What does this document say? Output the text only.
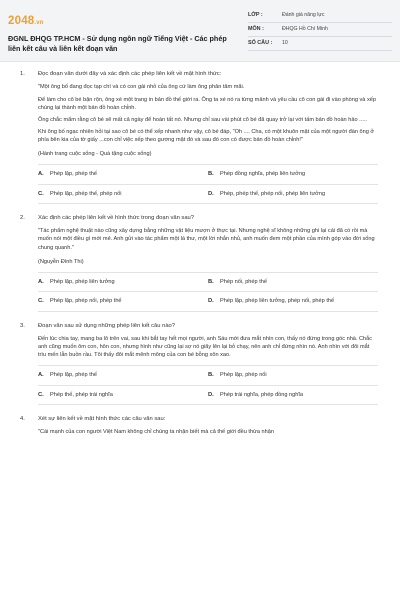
2048.vn
ĐGNL ĐHQG TP.HCM - Sử dụng ngôn ngữ Tiếng Việt - Các phép liên kết câu và liên kết đoạn văn
LỚP :	Đánh giá năng lực
MÔN :	ĐHQG Hồ Chí Minh
SỐ CÂU :	10
1. Đọc đoạn văn dưới đây và xác định các phép liên kết về mặt hình thức:
"Một ông bố đang đọc tạp chí và có con gái nhỏ của ông cứ làm ông phân tâm mãi.
Để làm cho cô bé bận rộn, ông xé một trang in bản đồ thế giới ra. Ông ta xé nó ra từng mảnh và yêu cầu cô con gái đi vào phòng và xếp chúng lại thành một bản đồ hoàn chỉnh.
Ông chắc mẩm rằng cô bé sẽ mất cả ngày để hoàn tất nó. Nhưng chỉ sau vài phút cô bé đã quay trở lại với tấm bản đồ hoàn hảo .....
Khi ông bố ngạc nhiên hỏi tại sao cô bé có thể xếp nhanh như vậy, cô bé đáp, "Oh .... Cha, có một khuôn mặt của một người đàn ông ở phía bên kia của tờ giấy ...con chỉ việc xếp theo gương mặt đó và sau đó con có được bản đồ hoàn chỉnh!"
(Hành trang cuộc sống - Quà tặng cuộc sống)
A.	Phép lặp, phép thế	B.	Phép đồng nghĩa, phép liên tưởng
C.	Phép lặp, phép thế, phép nối	D.	Phép, phép thế, phép nối, phép liên tưởng
2. Xác định các phép liên kết về hình thức trong đoạn văn sau?
"Tác phẩm nghệ thuật nào cũng xây dựng bằng những vật liệu mượn ở thực tại. Nhưng nghệ sĩ không những ghi lại cái đã có rồi mà muốn nói một điều gì mới mẻ. Anh gửi vào tác phẩm một lá thư, một lời nhắn nhủ, anh muốn đem một phần của mình góp vào đời sống chung quanh."
(Nguyễn Đình Thi)
A.	Phép lặp, phép liên tưởng	B.	Phép nối, phép thế
C.	Phép lặp, phép nối, phép thế	D.	Phép lặp, phép liên tưởng, phép nối, phép thế
3. Đoạn văn sau sử dụng những phép liên kết câu nào?
Đến lúc chia tay, mang ba lô trên vai, sau khi bắt tay hết mọi người, anh Sáu mới đưa mắt nhìn con, thấy nó đứng trong góc nhà. Chắc anh cũng muốn ôm con, hôn con, nhưng hình như cũng lại sợ nó giãy lên lại bỏ chạy, nên anh chỉ đứng nhìn nó. Anh nhìn với đôi mắt trìu mến lẫn buồn rầu. Tôi thấy đôi mắt mênh mông của con bé bỗng xôn xao.
A.	Phép lặp, phép thế	B.	Phép lặp, phép nối
C.	Phép thế, phép trái nghĩa	D.	Phép trái nghĩa, phép đồng nghĩa
4. Xét sự liên kết về mặt hình thức các câu văn sau:
"Cái mạnh của con người Việt Nam không chỉ chúng ta nhận biết mà cả thế giới đều thừa nhận
